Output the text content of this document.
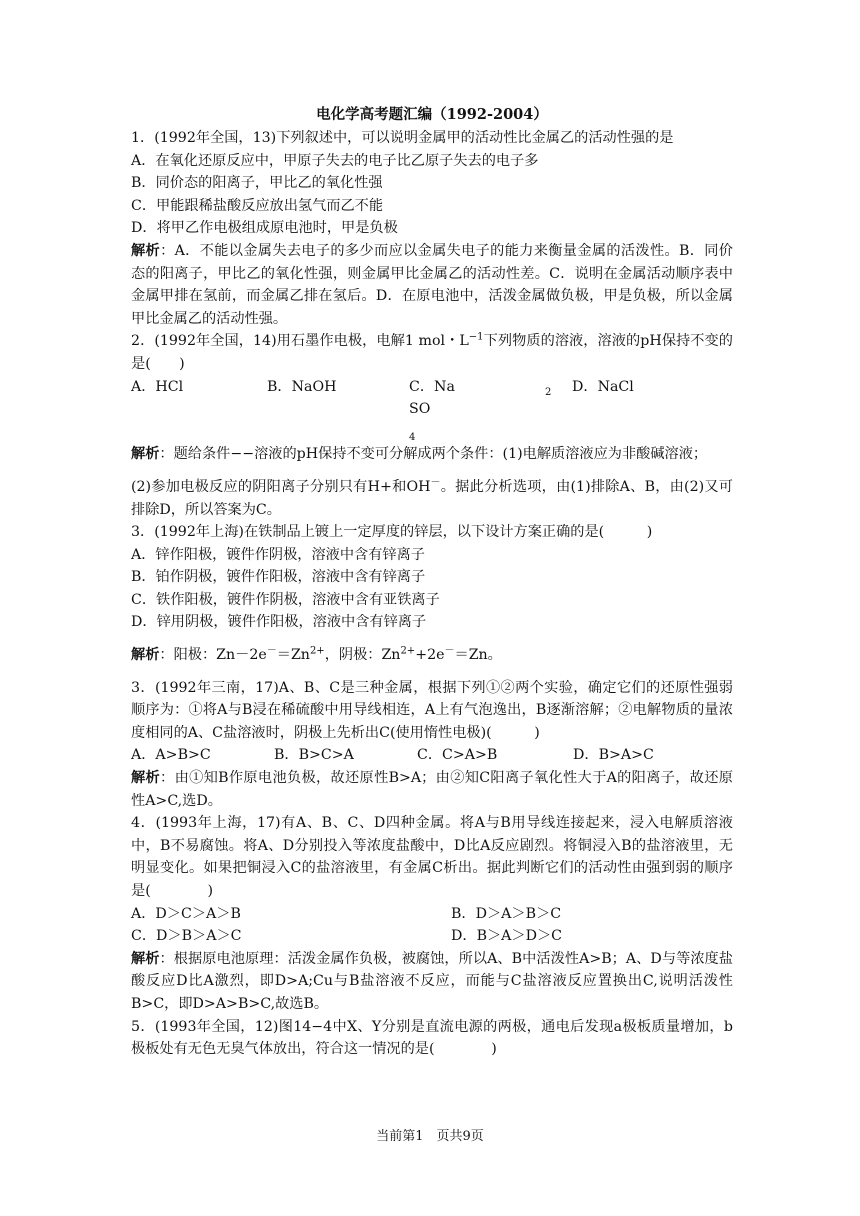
电化学高考题汇编（1992-2004）

1．(1992年全国，13)下列叙述中，可以说明金属甲的活动性比金属乙的活动性强的是

A．在氧化还原反应中，甲原子失去的电子比乙原子失去的电子多

B．同价态的阳离子，甲比乙的氧化性强

C．甲能跟稀盐酸反应放出氢气而乙不能

D．将甲乙作电极组成原电池时，甲是负极

解析：A．不能以金属失去电子的多少而应以金属失电子的能力来衡量金属的活泼性。B．同价态的阳离子，甲比乙的氧化性强，则金属甲比金属乙的活动性差。C．说明在金属活动顺序表中金属甲排在氢前，而金属乙排在氢后。D．在原电池中，活泼金属做负极，甲是负极，所以金属甲比金属乙的活动性强。

2．(1992年全国，14)用石墨作电极，电解1 mol・$L^{-1}$下列物质的溶液，溶液的pH保持不变的是(　　)

A．HCl	B．NaOH	C．Na	$_2SO_4$
D．NaCl

解析：题给条件−−溶液的pH保持不变可分解成两个条件：(1)电解质溶液应为非酸碱溶液；

(2)参加电极反应的阴阳离子分别只有H+和OH－。据此分析选项，由(1)排除A、B，由(2)又可排除D，所以答案为C。

3．(1992年上海)在铁制品上镀上一定厚度的锌层，以下设计方案正确的是(　　　)

A．锌作阳极，镀件作阴极，溶液中含有锌离子

B．铂作阴极，镀件作阳极，溶液中含有锌离子

C．铁作阳极，镀件作阴极，溶液中含有亚铁离子

D．锌用阴极，镀件作阳极，溶液中含有锌离子

解析：阳极：$Zn-2e^-=Zn^{2+}$，阴极：$Zn^{2+}+2e^-=Zn$。

3．(1992年三南，17)A、B、C是三种金属，根据下列①②两个实验，确定它们的还原性强弱顺序为：①将A与B浸在稀硫酸中用导线相连，A上有气泡逸出，B逐渐溶解；②电解物质的量浓度相同的A、C盐溶液时，阴极上先析出C(使用惰性电极)(　　　)

A．A>B>C	B．B>C>A	C．C>A>B	D．B>A>C

解析：由①知B作原电池负极，故还原性B>A；由②知C阳离子氧化性大于A的阳离子，故还原性A>C,选D。

4．(1993年上海，17)有A、B、C、D四种金属。将A与B用导线连接起来，浸入电解质溶液中，B不易腐蚀。将A、D分别投入等浓度盐酸中，D比A反应剧烈。将铜浸入B的盐溶液里，无明显变化。如果把铜浸入C的盐溶液里，有金属C析出。据此判断它们的活动性由强到弱的顺序是(　　　　)

A．D＞C＞A＞B	B．D＞A＞B＞C
C．D＞B＞A＞C	D．B＞A＞D＞C

解析：根据原电池原理：活泼金属作负极，被腐蚀，所以A、B中活泼性A>B；A、D与等浓度盐酸反应D比A激烈，即D>A;Cu与B盐溶液不反应，而能与C盐溶液反应置换出C,说明活泼性B>C，即D>A>B>C,故选B。

5．(1993年全国，12)图14−4中X、Y分别是直流电源的两极，通电后发现a极板质量增加，b极板处有无色无臭气体放出，符合这一情况的是(　　　　)

当前第1　页共9页
